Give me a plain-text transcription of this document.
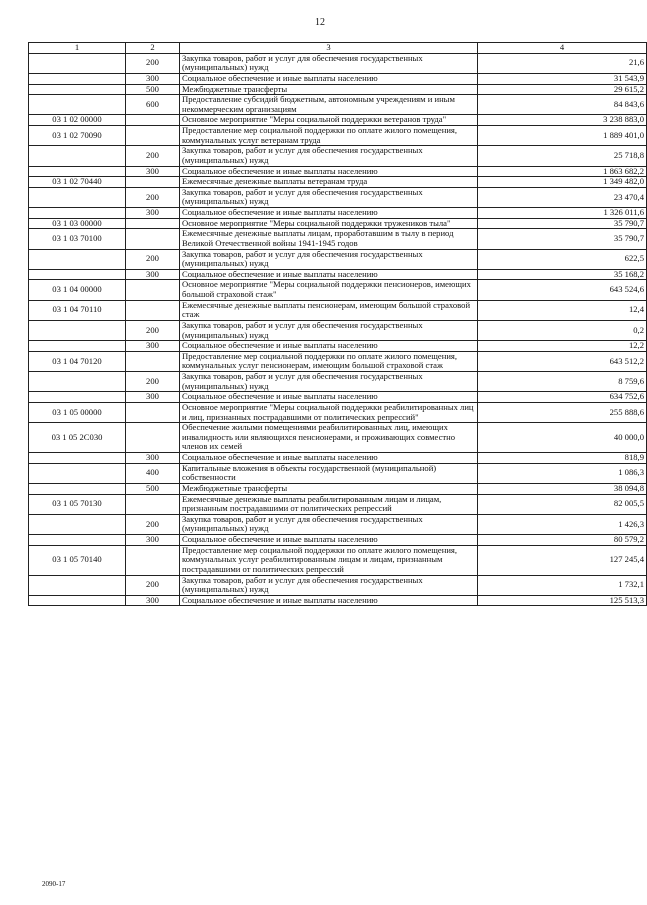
12
1	2	3	4
	200	Закупка товаров, работ и услуг для обеспечения государственных (муниципальных) нужд	21,6
	300	Социальное обеспечение и иные выплаты населению	31 543,9
	500	Межбюджетные трансферты	29 615,2
	600	Предоставление субсидий бюджетным, автономным учреждениям и иным некоммерческим организациям	84 843,6
03 1 02 00000		Основное мероприятие "Меры социальной поддержки ветеранов труда"	3 238 883,0
03 1 02 70090		Предоставление мер социальной поддержки по оплате жилого помещения, коммунальных услуг ветеранам труда	1 889 401,0
	200	Закупка товаров, работ и услуг для обеспечения государственных (муниципальных) нужд	25 718,8
	300	Социальное обеспечение и иные выплаты населению	1 863 682,2
03 1 02 70440		Ежемесячные денежные выплаты ветеранам труда	1 349 482,0
	200	Закупка товаров, работ и услуг для обеспечения государственных (муниципальных) нужд	23 470,4
	300	Социальное обеспечение и иные выплаты населению	1 326 011,6
03 1 03 00000		Основное мероприятие "Меры социальной поддержки тружеников тыла"	35 790,7
03 1 03 70100		Ежемесячные денежные выплаты лицам, проработавшим в тылу в период Великой Отечественной войны 1941-1945 годов	35 790,7
	200	Закупка товаров, работ и услуг для обеспечения государственных (муниципальных) нужд	622,5
	300	Социальное обеспечение и иные выплаты населению	35 168,2
03 1 04 00000		Основное мероприятие "Меры социальной поддержки пенсионеров, имеющих большой страховой стаж"	643 524,6
03 1 04 70110		Ежемесячные денежные выплаты пенсионерам, имеющим большой страховой стаж	12,4
	200	Закупка товаров, работ и услуг для обеспечения государственных (муниципальных) нужд	0,2
	300	Социальное обеспечение и иные выплаты населению	12,2
03 1 04 70120		Предоставление мер социальной поддержки по оплате жилого помещения, коммунальных услуг пенсионерам, имеющим большой страховой стаж	643 512,2
	200	Закупка товаров, работ и услуг для обеспечения государственных (муниципальных) нужд	8 759,6
	300	Социальное обеспечение и иные выплаты населению	634 752,6
03 1 05 00000		Основное мероприятие "Меры социальной поддержки реабилитированных лиц и лиц, признанных пострадавшими от политических репрессий"	255 888,6
03 1 05 2С030		Обеспечение жилыми помещениями реабилитированных лиц, имеющих инвалидность или являющихся пенсионерами, и проживающих совместно членов их семей	40 000,0
	300	Социальное обеспечение и иные выплаты населению	818,9
	400	Капитальные вложения в объекты государственной (муниципальной) собственности	1 086,3
	500	Межбюджетные трансферты	38 094,8
03 1 05 70130		Ежемесячные денежные выплаты реабилитированным лицам и лицам, признанным пострадавшими от политических репрессий	82 005,5
	200	Закупка товаров, работ и услуг для обеспечения государственных (муниципальных) нужд	1 426,3
	300	Социальное обеспечение и иные выплаты населению	80 579,2
03 1 05 70140		Предоставление мер социальной поддержки по оплате жилого помещения, коммунальных услуг реабилитированным лицам и лицам, признанным пострадавшими от политических репрессий	127 245,4
	200	Закупка товаров, работ и услуг для обеспечения государственных (муниципальных) нужд	1 732,1
	300	Социальное обеспечение и иные выплаты населению	125 513,3
2090-17
